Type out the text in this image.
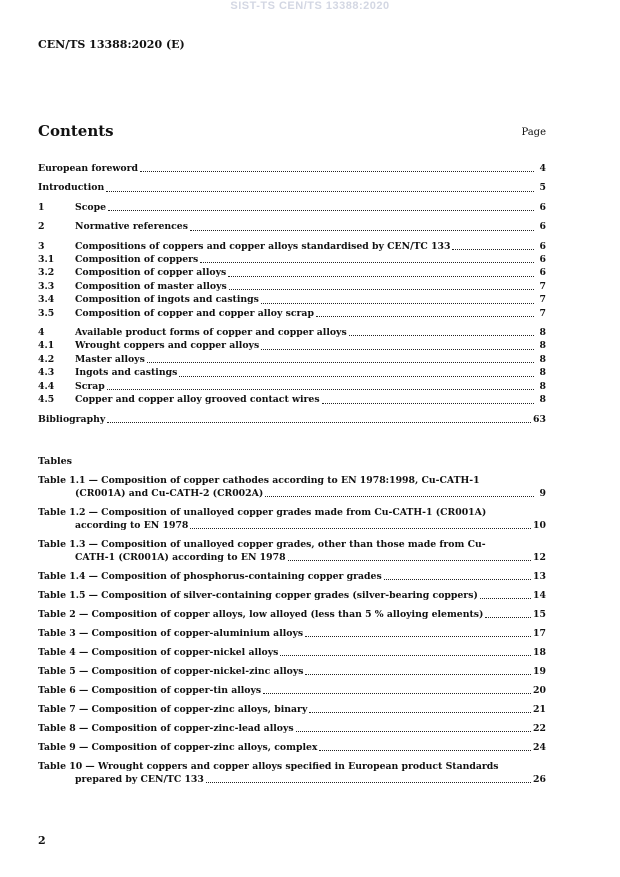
SIST-TS CEN/TS 13388:2020
CEN/TS 13388:2020 (E)
Contents	Page
European foreword	4
Introduction	5
1	Scope	6
2	Normative references	6
3	Compositions of coppers and copper alloys standardised by CEN/TC 133	6
3.1	Composition of coppers	6
3.2	Composition of copper alloys	6
3.3	Composition of master alloys	7
3.4	Composition of ingots and castings	7
3.5	Composition of copper and copper alloy scrap	7
4	Available product forms of copper and copper alloys	8
4.1	Wrought coppers and copper alloys	8
4.2	Master alloys	8
4.3	Ingots and castings	8
4.4	Scrap	8
4.5	Copper and copper alloy grooved contact wires	8
Bibliography	63
Tables
Table 1.1 — Composition of copper cathodes according to EN 1978:1998, Cu-CATH-1
(CR001A) and Cu-CATH-2 (CR002A)	9
Table 1.2 — Composition of unalloyed copper grades made from Cu-CATH-1 (CR001A)
according to EN 1978	10
Table 1.3 — Composition of unalloyed copper grades, other than those made from Cu-
CATH-1 (CR001A) according to EN 1978	12
Table 1.4 — Composition of phosphorus-containing copper grades	13
Table 1.5 — Composition of silver-containing copper grades (silver-bearing coppers)	14
Table 2 — Composition of copper alloys, low alloyed (less than 5 % alloying elements)	15
Table 3 — Composition of copper-aluminium alloys	17
Table 4 — Composition of copper-nickel alloys	18
Table 5 — Composition of copper-nickel-zinc alloys	19
Table 6 — Composition of copper-tin alloys	20
Table 7 — Composition of copper-zinc alloys, binary	21
Table 8 — Composition of copper-zinc-lead alloys	22
Table 9 — Composition of copper-zinc alloys, complex	24
Table 10 — Wrought coppers and copper alloys specified in European product Standards
prepared by CEN/TC 133	26
2
